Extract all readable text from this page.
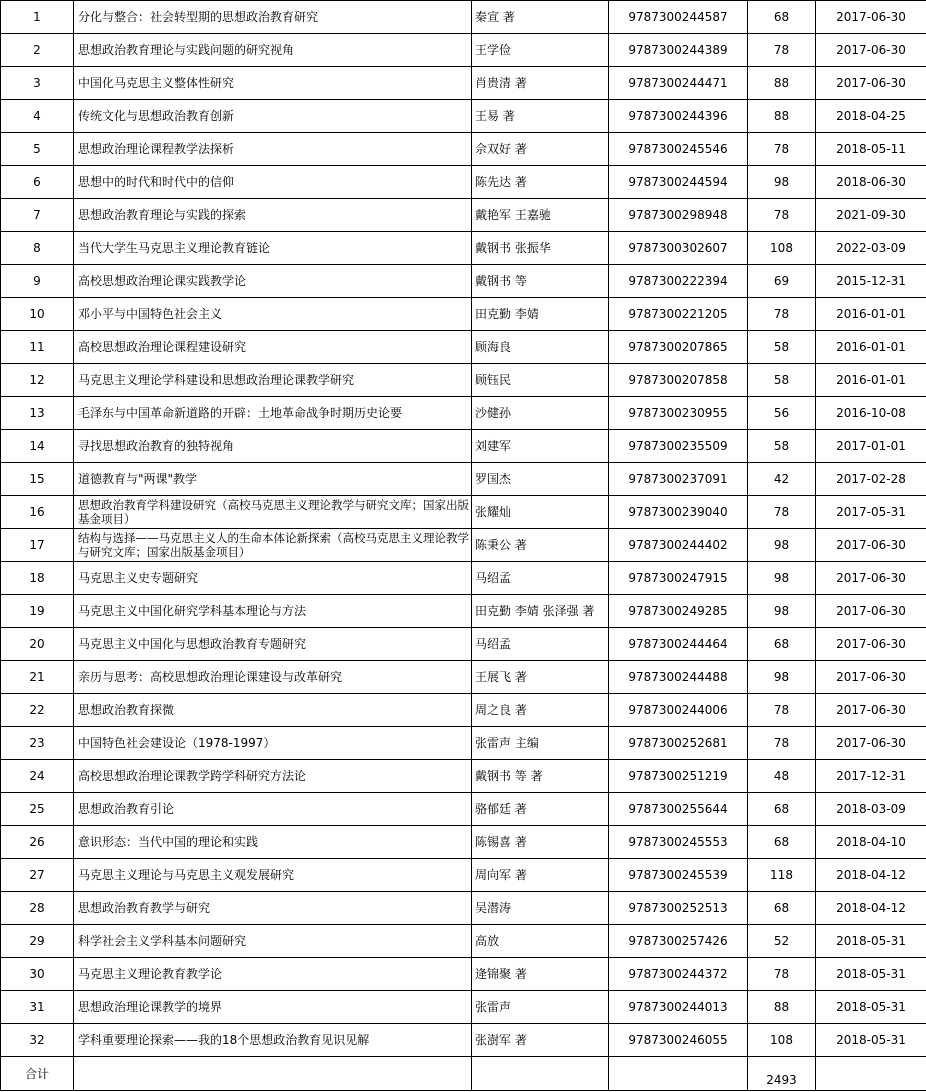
1	分化与整合：社会转型期的思想政治教育研究	秦宣 著	9787300244587	68	2017-06-30
2	思想政治教育理论与实践问题的研究视角	王学俭	9787300244389	78	2017-06-30
3	中国化马克思主义整体性研究	肖贵清 著	9787300244471	88	2017-06-30
4	传统文化与思想政治教育创新	王易 著	9787300244396	88	2018-04-25
5	思想政治理论课程教学法探析	佘双好 著	9787300245546	78	2018-05-11
6	思想中的时代和时代中的信仰	陈先达 著	9787300244594	98	2018-06-30
7	思想政治教育理论与实践的探索	戴艳军 王嘉驰	9787300298948	78	2021-09-30
8	当代大学生马克思主义理论教育链论	戴钢书 张振华	9787300302607	108	2022-03-09
9	高校思想政治理论课实践教学论	戴钢书 等	9787300222394	69	2015-12-31
10	邓小平与中国特色社会主义	田克勤 李婧	9787300221205	78	2016-01-01
11	高校思想政治理论课程建设研究	顾海良	9787300207865	58	2016-01-01
12	马克思主义理论学科建设和思想政治理论课教学研究	顾钰民	9787300207858	58	2016-01-01
13	毛泽东与中国革命新道路的开辟：土地革命战争时期历史论要	沙健孙	9787300230955	56	2016-10-08
14	寻找思想政治教育的独特视角	刘建军	9787300235509	58	2017-01-01
15	道德教育与"两课"教学	罗国杰	9787300237091	42	2017-02-28
16	思想政治教育学科建设研究（高校马克思主义理论教学与研究文库；国家出版基金项目）	张耀灿	9787300239040	78	2017-05-31
17	结构与选择——马克思主义人的生命本体论新探索（高校马克思主义理论教学与研究文库；国家出版基金项目）	陈秉公 著	9787300244402	98	2017-06-30
18	马克思主义史专题研究	马绍孟	9787300247915	98	2017-06-30
19	马克思主义中国化研究学科基本理论与方法	田克勤 李婧 张泽强 著	9787300249285	98	2017-06-30
20	马克思主义中国化与思想政治教育专题研究	马绍孟	9787300244464	68	2017-06-30
21	亲历与思考：高校思想政治理论课建设与改革研究	王展飞 著	9787300244488	98	2017-06-30
22	思想政治教育探微	周之良 著	9787300244006	78	2017-06-30
23	中国特色社会建设论（1978-1997）	张雷声 主编	9787300252681	78	2017-06-30
24	高校思想政治理论课教学跨学科研究方法论	戴钢书 等 著	9787300251219	48	2017-12-31
25	思想政治教育引论	骆郁廷 著	9787300255644	68	2018-03-09
26	意识形态：当代中国的理论和实践	陈锡喜 著	9787300245553	68	2018-04-10
27	马克思主义理论与马克思主义观发展研究	周向军 著	9787300245539	118	2018-04-12
28	思想政治教育教学与研究	吴潜涛	9787300252513	68	2018-04-12
29	科学社会主义学科基本问题研究	高放	9787300257426	52	2018-05-31
30	马克思主义理论教育教学论	逄锦聚 著	9787300244372	78	2018-05-31
31	思想政治理论课教学的境界	张雷声	9787300244013	88	2018-05-31
32	学科重要理论探索——我的18个思想政治教育见识见解	张澍军 著	9787300246055	108	2018-05-31
合计				2493	
